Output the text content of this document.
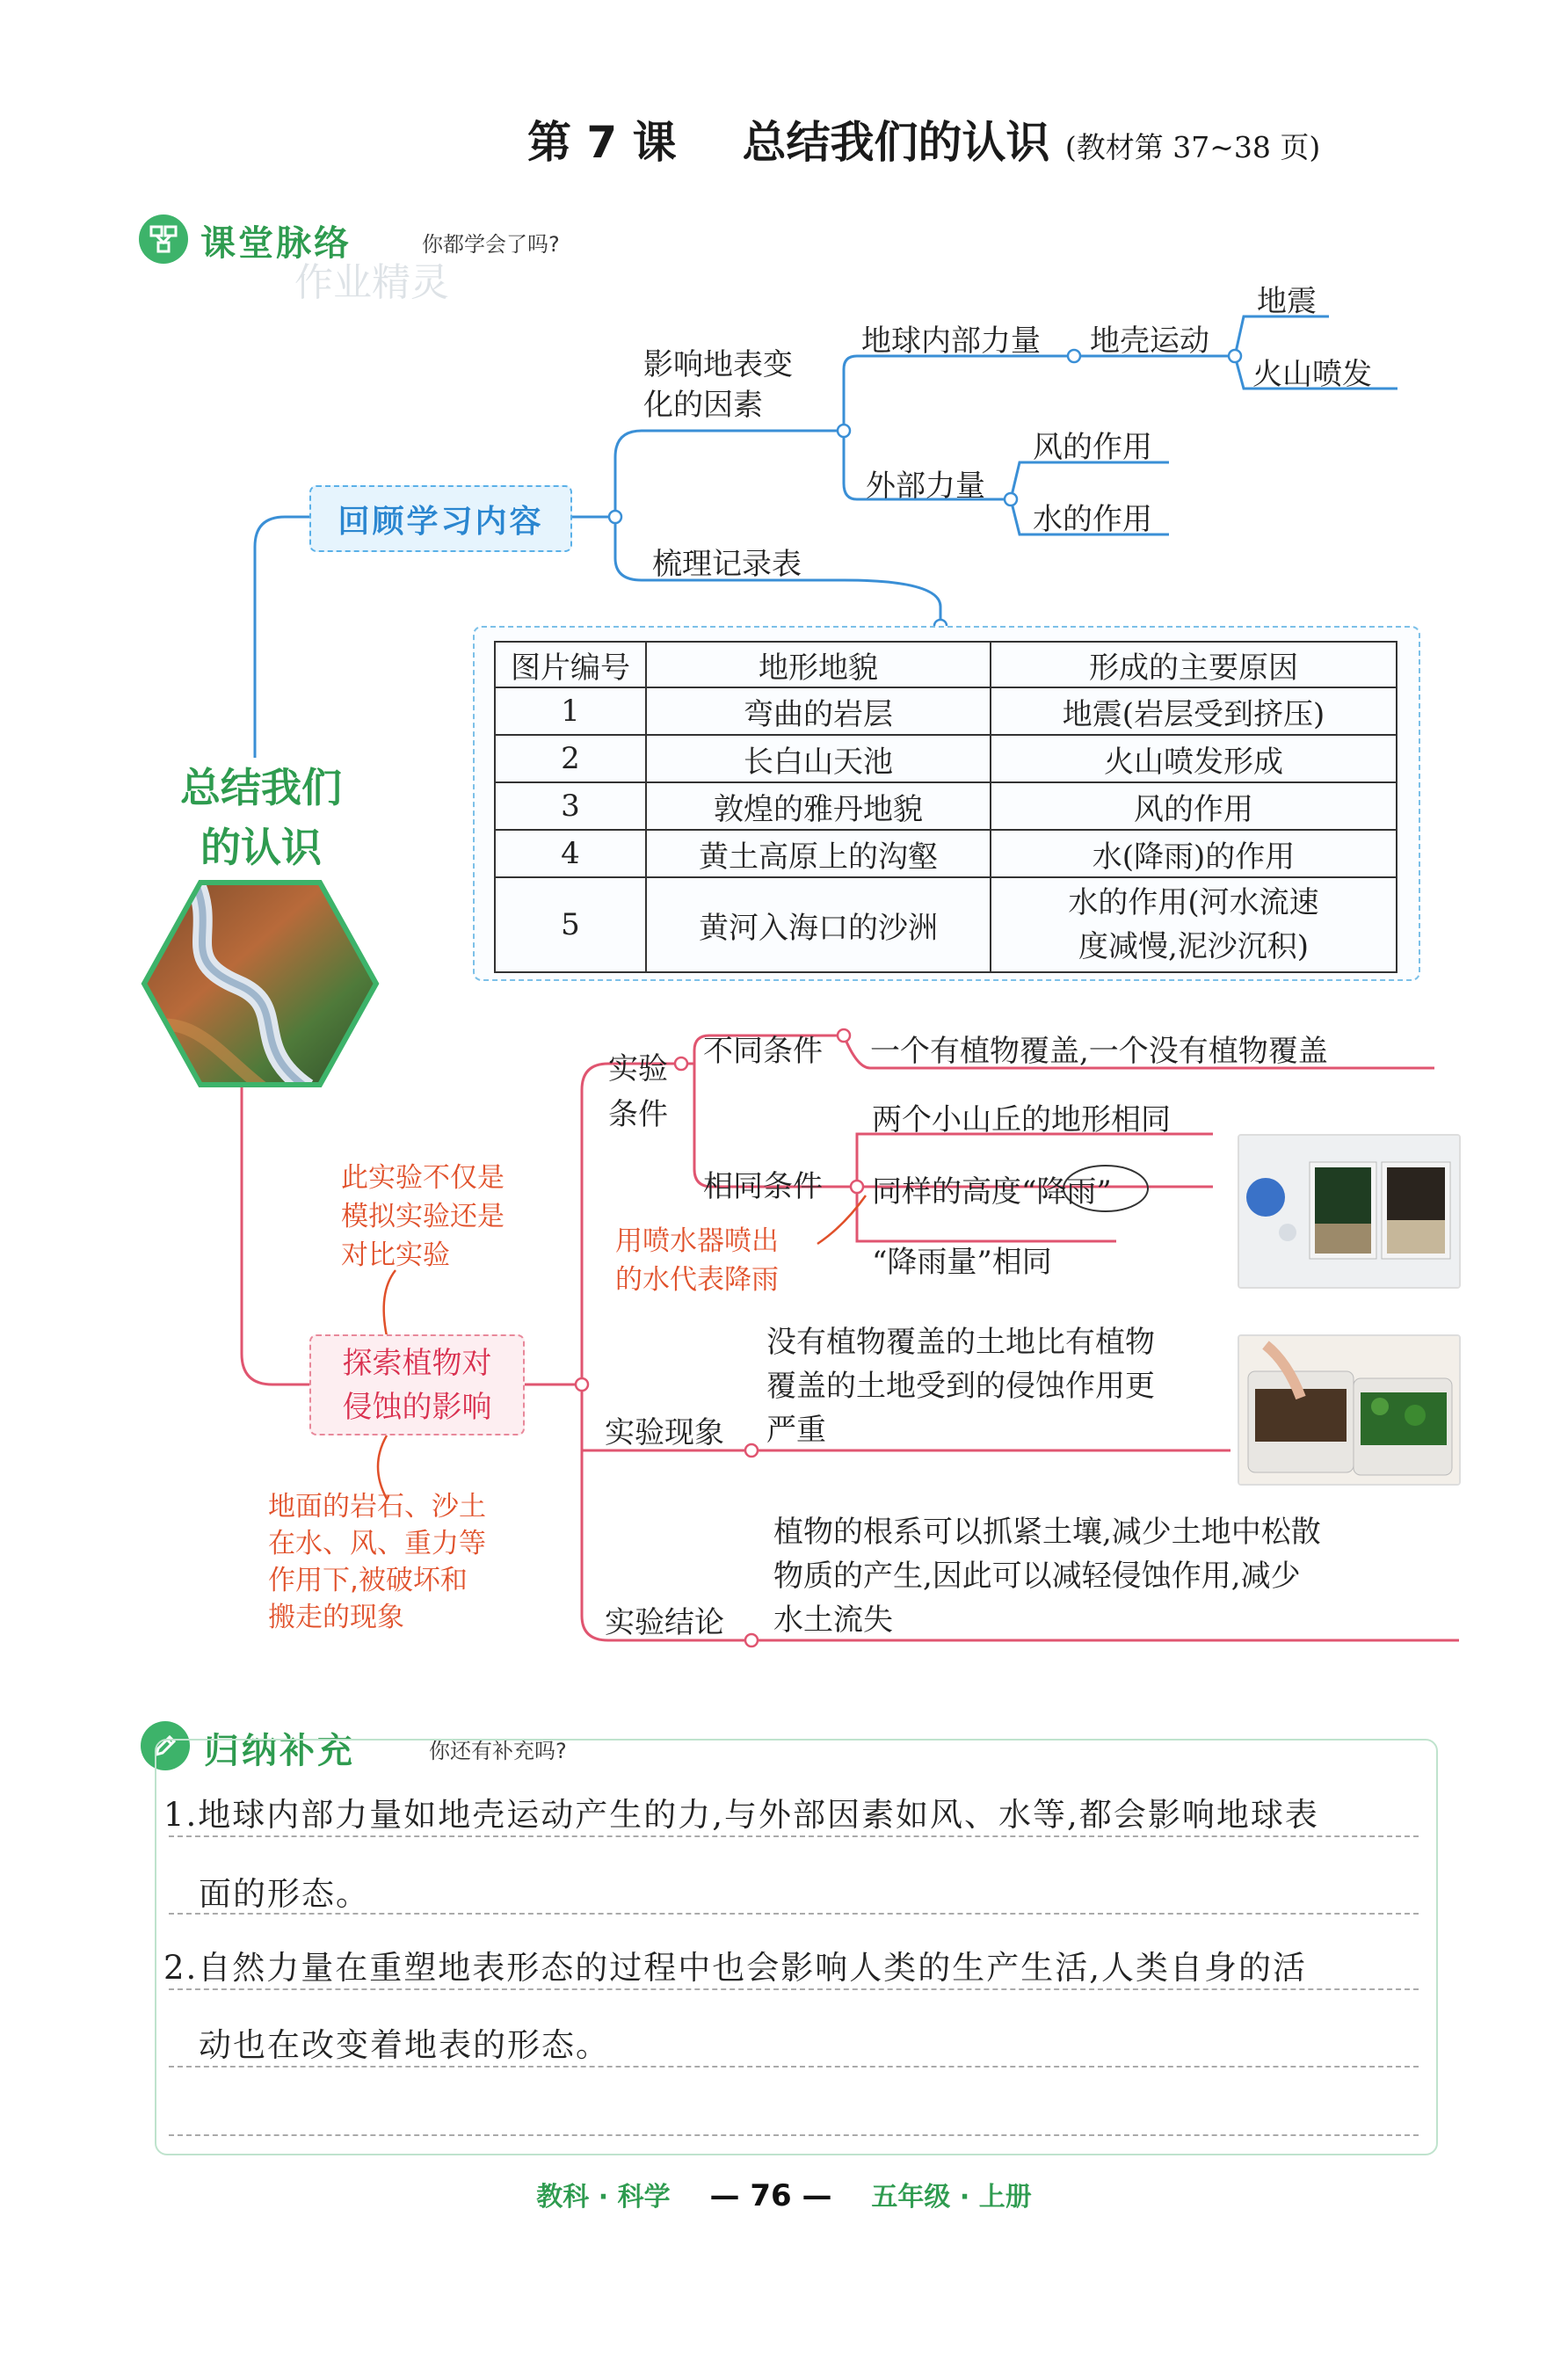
第 7 课 总结我们的认识 (教材第 37~38 页)
课堂脉络	你都学会了吗?
作业精灵
回顾学习内容
影响地表变
化的因素
地球内部力量 地壳运动
地震
火山喷发
外部力量
风的作用
水的作用
梳理记录表
图片编号	地形地貌	形成的主要原因
1	弯曲的岩层	地震(岩层受到挤压)
2	长白山天池	火山喷发形成
3	敦煌的雅丹地貌	风的作用
4	黄土高原上的沟壑	水(降雨)的作用
5	黄河入海口的沙洲	水的作用(河水流速
度减慢,泥沙沉积)
总结我们
的认识
探索植物对
侵蚀的影响
此实验不仅是
模拟实验还是
对比实验
地面的岩石、沙土
在水、风、重力等
作用下,被破坏和
搬走的现象
用喷水器喷出
的水代表降雨
实验
条件
不同条件 一个有植物覆盖,一个没有植物覆盖
相同条件
两个小山丘的地形相同
同样的高度“降雨”
“降雨量”相同
实验现象
没有植物覆盖的土地比有植物
覆盖的土地受到的侵蚀作用更
严重
实验结论
植物的根系可以抓紧土壤,减少土地中松散
物质的产生,因此可以减轻侵蚀作用,减少
水土流失
归纳补充	你还有补充吗?
1.地球内部力量如地壳运动产生的力,与外部因素如风、水等,都会影响地球表
面的形态。
2.自然力量在重塑地表形态的过程中也会影响人类的生产生活,人类自身的活
动也在改变着地表的形态。
教科 · 科学 — 76 — 五年级 · 上册
